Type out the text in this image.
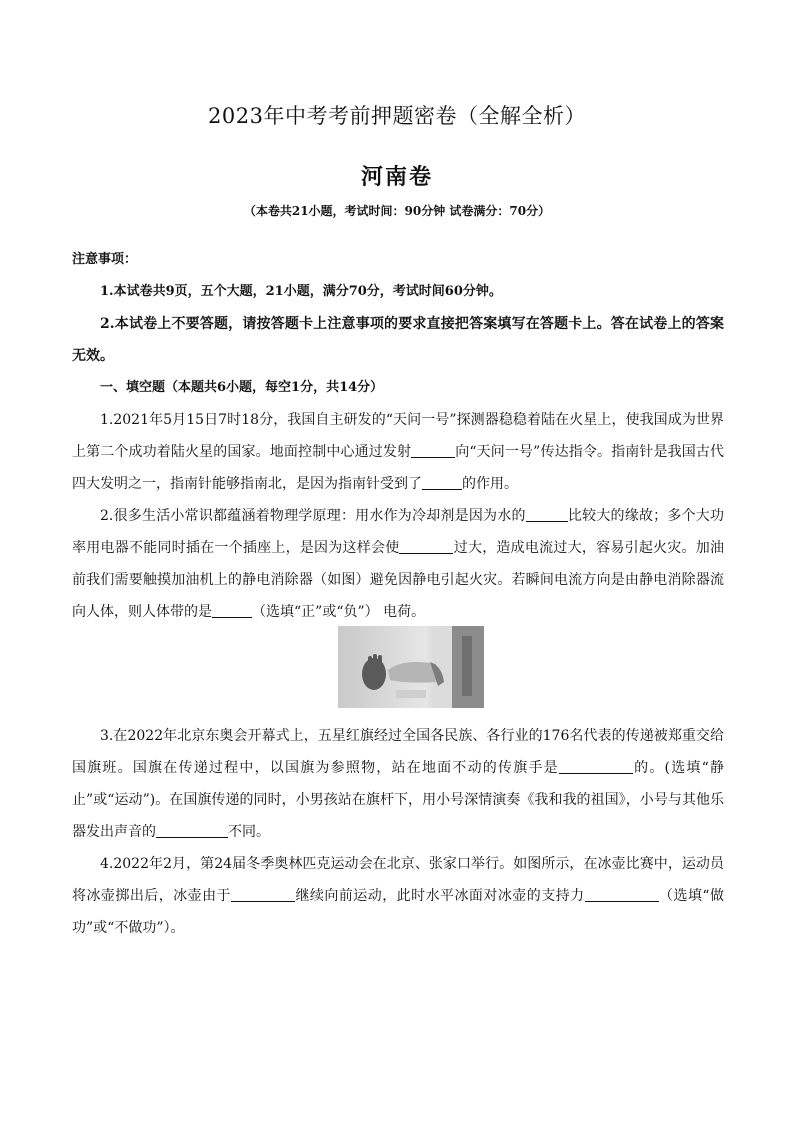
2023年中考考前押题密卷（全解全析）
河南卷
（本卷共21小题，考试时间：90分钟 试卷满分：70分）
注意事项：
1.本试卷共9页，五个大题，21小题，满分70分，考试时间60分钟。
2.本试卷上不要答题，请按答题卡上注意事项的要求直接把答案填写在答题卡上。答在试卷上的答案无效。
一、填空题（本题共6小题，每空1分，共14分）
1.2021年5月15日7时18分，我国自主研发的“天问一号”探测器稳稳着陆在火星上，使我国成为世界上第二个成功着陆火星的国家。地面控制中心通过发射	向“天问一号”传达指令。指南针是我国古代四大发明之一，指南针能够指南北，是因为指南针受到了	的作用。
2.很多生活小常识都蕴涵着物理学原理：用水作为冷却剂是因为水的	比较大的缘故；多个大功率用电器不能同时插在一个插座上，是因为这样会使	过大，造成电流过大，容易引起火灾。加油前我们需要触摸加油机上的静电消除器（如图）避免因静电引起火灾。若瞬间电流方向是由静电消除器流向人体，则人体带的是	（选填“正”或“负”） 电荷。
3.在2022年北京东奥会开幕式上，五星红旗经过全国各民族、各行业的176名代表的传递被郑重交给国旗班。国旗在传递过程中，以国旗为参照物，站在地面不动的传旗手是	的。(选填“静止”或“运动”)。在国旗传递的同时，小男孩站在旗杆下，用小号深情演奏《我和我的祖国》，小号与其他乐器发出声音的	不同。
4.2022年2月，第24届冬季奥林匹克运动会在北京、张家口举行。如图所示，在冰壶比赛中，运动员将冰壶掷出后，冰壶由于	继续向前运动，此时水平冰面对冰壶的支持力	（选填“做功”或“不做功”）。
